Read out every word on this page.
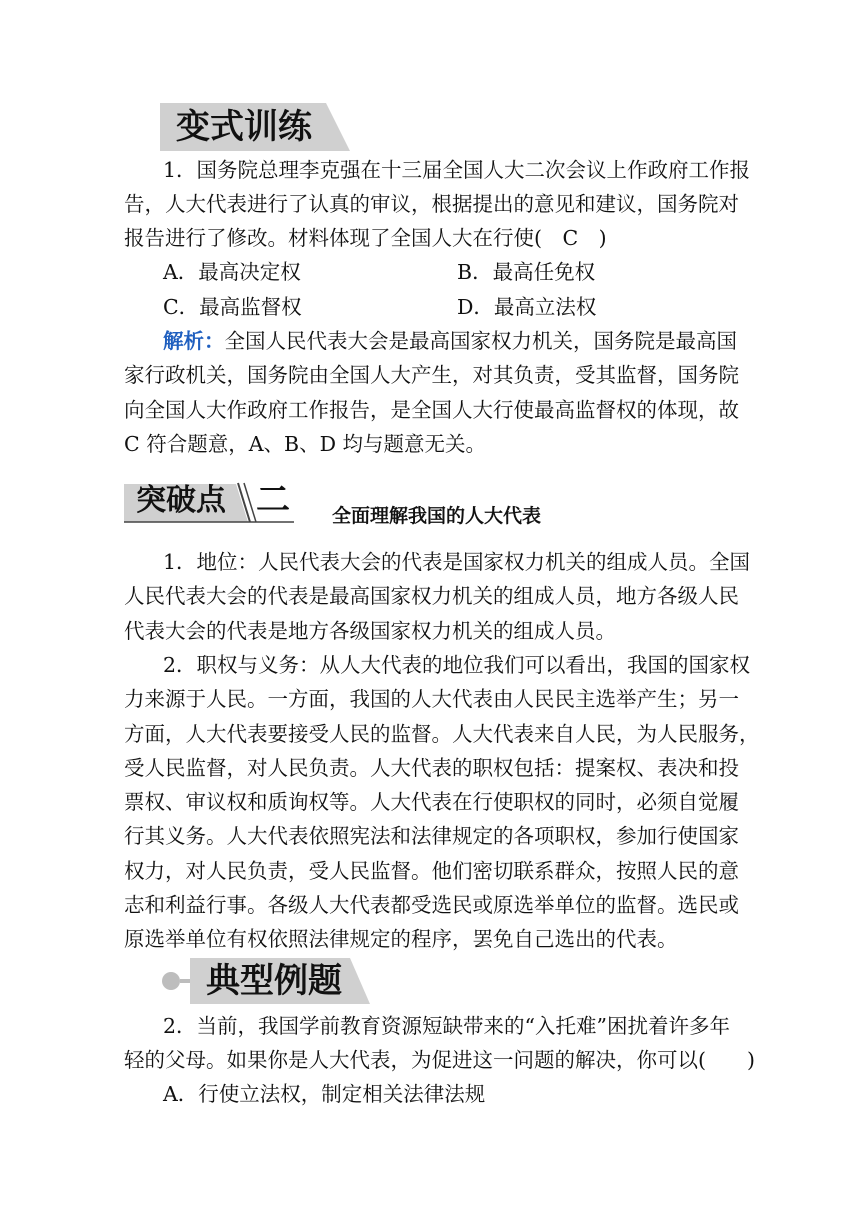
变式训练
1．国务院总理李克强在十三届全国人大二次会议上作政府工作报
告，人大代表进行了认真的审议，根据提出的意见和建议，国务院对
报告进行了修改。材料体现了全国人大在行使(　C　)
A．最高决定权	B．最高任免权
C．最高监督权	D．最高立法权
解析：全国人民代表大会是最高国家权力机关，国务院是最高国
家行政机关，国务院由全国人大产生，对其负责，受其监督，国务院
向全国人大作政府工作报告，是全国人大行使最高监督权的体现，故
C 符合题意，A、B、D 均与题意无关。
突破点 二 全面理解我国的人大代表
1．地位：人民代表大会的代表是国家权力机关的组成人员。全国
人民代表大会的代表是最高国家权力机关的组成人员，地方各级人民
代表大会的代表是地方各级国家权力机关的组成人员。
2．职权与义务：从人大代表的地位我们可以看出，我国的国家权
力来源于人民。一方面，我国的人大代表由人民民主选举产生；另一
方面，人大代表要接受人民的监督。人大代表来自人民，为人民服务，
受人民监督，对人民负责。人大代表的职权包括：提案权、表决和投
票权、审议权和质询权等。人大代表在行使职权的同时，必须自觉履
行其义务。人大代表依照宪法和法律规定的各项职权，参加行使国家
权力，对人民负责，受人民监督。他们密切联系群众，按照人民的意
志和利益行事。各级人大代表都受选民或原选举单位的监督。选民或
原选举单位有权依照法律规定的程序，罢免自己选出的代表。
典型例题
2．当前，我国学前教育资源短缺带来的“入托难”困扰着许多年
轻的父母。如果你是人大代表，为促进这一问题的解决，你可以(　　)
A．行使立法权，制定相关法律法规
